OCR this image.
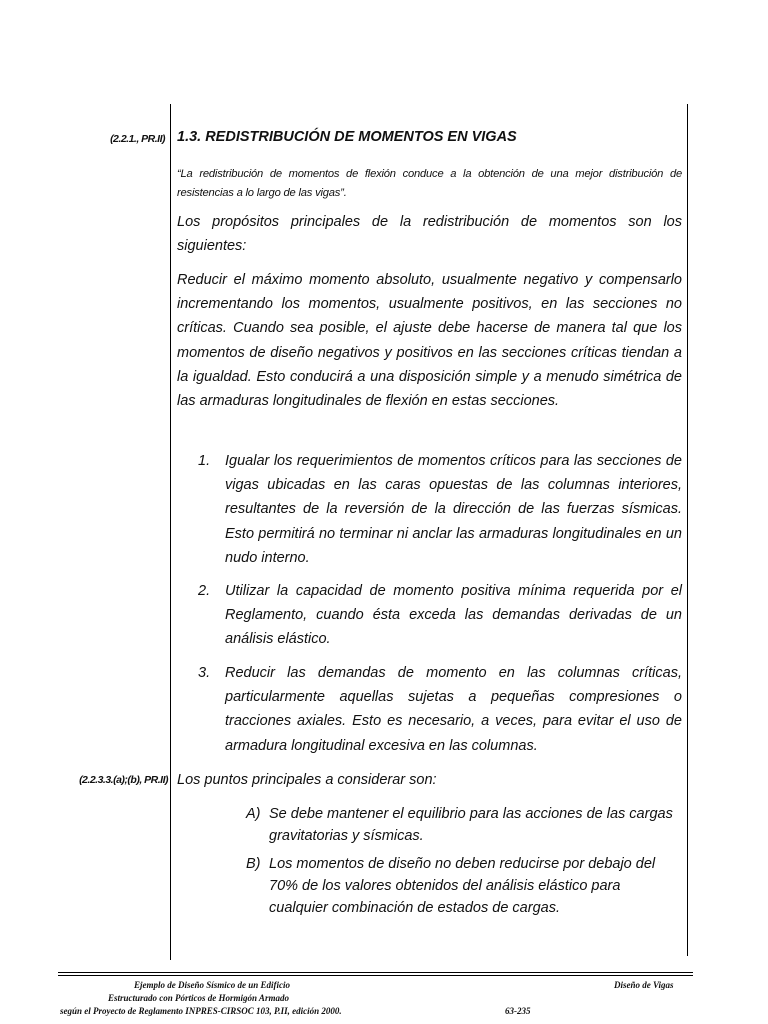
(2.2.1., PR.II) 1.3. REDISTRIBUCIÓN DE MOMENTOS EN VIGAS
“La redistribución de momentos de flexión conduce a la obtención de una mejor distribución de resistencias a lo largo de las vigas”.
Los propósitos principales de la redistribución de momentos son los siguientes:
Reducir el máximo momento absoluto, usualmente negativo y compensarlo incrementando los momentos, usualmente positivos, en las secciones no críticas. Cuando sea posible, el ajuste debe hacerse de manera tal que los momentos de diseño negativos y positivos en las secciones críticas tiendan a la igualdad. Esto conducirá a una disposición simple y a menudo simétrica de las armaduras longitudinales de flexión en estas secciones.
1.	Igualar los requerimientos de momentos críticos para las secciones de vigas ubicadas en las caras opuestas de las columnas interiores, resultantes de la reversión de la dirección de las fuerzas sísmicas. Esto permitirá no terminar ni anclar las armaduras longitudinales en un nudo interno.
2.	Utilizar la capacidad de momento positiva mínima requerida por el Reglamento, cuando ésta exceda las demandas derivadas de un análisis elástico.
3.	Reducir las demandas de momento en las columnas críticas, particularmente aquellas sujetas a pequeñas compresiones o tracciones axiales. Esto es necesario, a veces, para evitar el uso de armadura longitudinal excesiva en las columnas.
(2.2.3.3.(a);(b), PR.II) Los puntos principales a considerar son:
A) Se debe mantener el equilibrio para las acciones de las cargas gravitatorias y sísmicas.
B) Los momentos de diseño no deben reducirse por debajo del 70% de los valores obtenidos del análisis elástico para cualquier combinación de estados de cargas.
Ejemplo de Diseño Sísmico de un Edificio
Estructurado con Pórticos de Hormigón Armado
según el Proyecto de Reglamento INPRES-CIRSOC 103, P.II, edición 2000.
Diseño de Vigas
63-235
